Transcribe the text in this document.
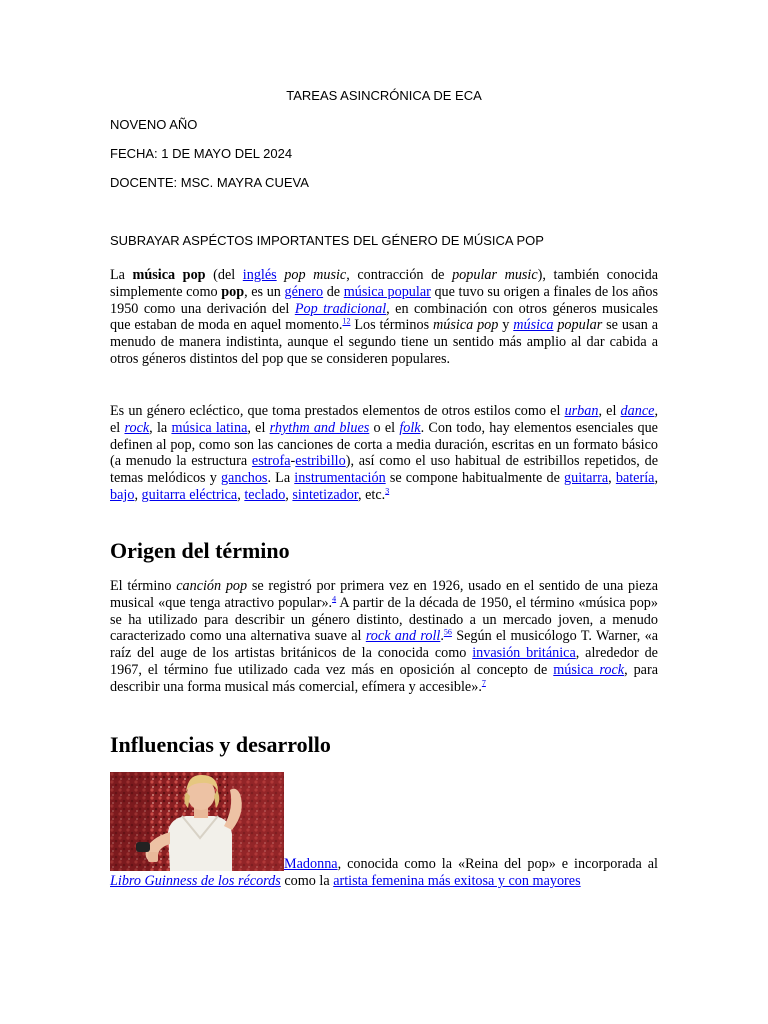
TAREAS ASINCRÓNICA DE ECA
NOVENO AÑO
FECHA: 1 DE MAYO DEL 2024
DOCENTE: MSC. MAYRA CUEVA
SUBRAYAR ASPÉCTOS IMPORTANTES DEL GÉNERO DE MÚSICA POP

La música pop (del inglés pop music, contracción de popular music), también conocida simplemente como pop, es un género de música popular que tuvo su origen a finales de los años 1950 como una derivación del Pop tradicional, en combinación con otros géneros musicales que estaban de moda en aquel momento.$^{12}$ Los términos música pop y música popular se usan a menudo de manera indistinta, aunque el segundo tiene un sentido más amplio al dar cabida a otros géneros distintos del pop que se consideren populares.

Es un género ecléctico, que toma prestados elementos de otros estilos como el urban, el dance, el rock, la música latina, el rhythm and blues o el folk. Con todo, hay elementos esenciales que definen al pop, como son las canciones de corta a media duración, escritas en un formato básico (a menudo la estructura estrofa-estribillo), así como el uso habitual de estribillos repetidos, de temas melódicos y ganchos. La instrumentación se compone habitualmente de guitarra, batería, bajo, guitarra eléctrica, teclado, sintetizador, etc.$^3$

Origen del término

El término canción pop se registró por primera vez en 1926, usado en el sentido de una pieza musical «que tenga atractivo popular».$^4$ A partir de la década de 1950, el término «música pop» se ha utilizado para describir un género distinto, destinado a un mercado joven, a menudo caracterizado como una alternativa suave al rock and roll.$^{56}$ Según el musicólogo T. Warner, «a raíz del auge de los artistas británicos de la conocida como invasión británica, alrededor de 1967, el término fue utilizado cada vez más en oposición al concepto de música rock, para describir una forma musical más comercial, efímera y accesible».$^7$

Influencias y desarrollo

Madonna, conocida como la «Reina del pop» e incorporada al Libro Guinness de los récords como la artista femenina más exitosa y con mayores
